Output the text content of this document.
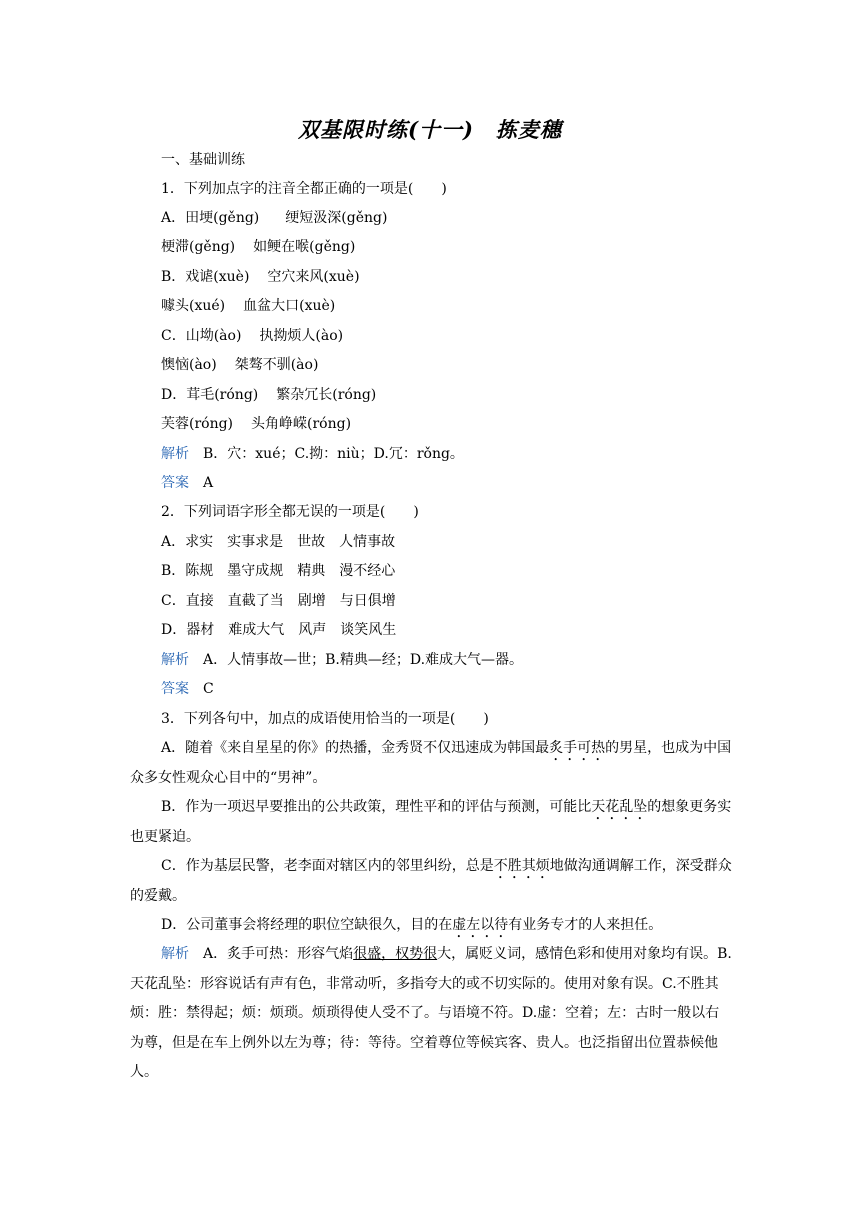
双基限时练(十一)　拣麦穗
一、基础训练
1．下列加点字的注音全都正确的一项是(　　)
A．田埂(gěng) 绠短汲深(gěng)
梗滞(gěng) 如鲠在喉(gěng)
B．戏谑(xuè) 空穴来风(xuè)
噱头(xué) 血盆大口(xuè)
C．山坳(ào) 执拗烦人(ào)
懊恼(ào) 桀骜不驯(ào)
D．茸毛(róng) 繁杂冗长(róng)
芙蓉(róng) 头角峥嵘(róng)
解析　 B．穴：xué；C.拗：niù；D.冗：rǒng。
答案　 A
2．下列词语字形全都无误的一项是(　　)
A．求实　实事求是　世故　人情事故
B．陈规　墨守成规　精典　漫不经心
C．直接　直截了当　剧增　与日俱增
D．器材　难成大气　风声　谈笑风生
解析　 A．人情事故—世；B.精典—经；D.难成大气—器。
答案　 C
3．下列各句中，加点的成语使用恰当的一项是(　　)
A．随着《来自星星的你》的热播，金秀贤不仅迅速成为韩国最炙手可热的男星，也成为中国众多女性观众心目中的“男神”。
B．作为一项迟早要推出的公共政策，理性平和的评估与预测，可能比天花乱坠的想象更务实也更紧迫。
C．作为基层民警，老李面对辖区内的邻里纠纷，总是不胜其烦地做沟通调解工作，深受群众的爱戴。
D．公司董事会将经理的职位空缺很久，目的在虚左以待有业务专才的人来担任。
解析　 A．炙手可热：形容气焰很盛，权势很大，属贬义词，感情色彩和使用对象均有误。B.天花乱坠：形容说话有声有色，非常动听，多指夸大的或不切实际的。使用对象有误。C.不胜其烦：胜：禁得起；烦：烦琐。烦琐得使人受不了。与语境不符。D.虚：空着；左：古时一般以右为尊，但是在车上例外以左为尊；待：等待。空着尊位等候宾客、贵人。也泛指留出位置恭候他人。
